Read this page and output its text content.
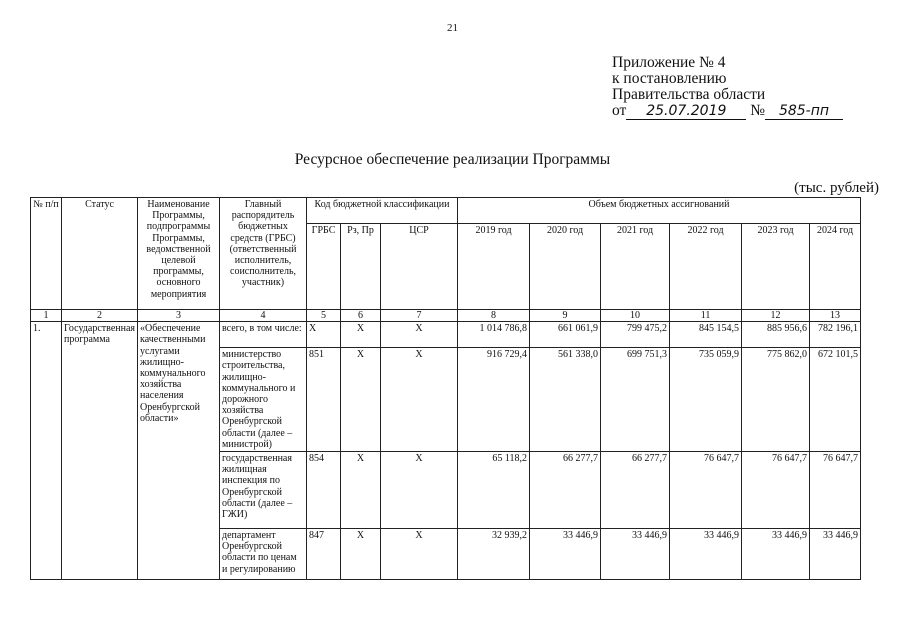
21
Приложение № 4
к постановлению
Правительства области
от 25.07.2019 № 585-пп
Ресурсное обеспечение реализации Программы
(тыс. рублей)
№ п/п	Статус	Наименование Программы, подпрограммы Программы, ведомственной целевой программы, основного мероприятия	Главный распорядитель бюджетных средств (ГРБС) (ответственный исполнитель, соисполнитель, участник)	Код бюджетной классификации			Объем бюджетных ассигнований					
				ГРБС	Рз, Пр	ЦСР	2019 год	2020 год	2021 год	2022 год	2023 год	2024 год
1	2	3	4	5	6	7	8	9	10	11	12	13
1.	Государственная программа	«Обеспечение качественными услугами жилищно-коммунального хозяйства населения Оренбургской области»	всего, в том числе:	Х	Х	Х	1 014 786,8	661 061,9	799 475,2	845 154,5	885 956,6	782 196,1
			министерство строительства, жилищно-коммунального и дорожного хозяйства Оренбургской области (далее – министрой)	851	Х	Х	916 729,4	561 338,0	699 751,3	735 059,9	775 862,0	672 101,5
			государственная жилищная инспекция по Оренбургской области (далее – ГЖИ)	854	Х	Х	65 118,2	66 277,7	66 277,7	76 647,7	76 647,7	76 647,7
			департамент Оренбургской области по ценам и регулированию	847	Х	Х	32 939,2	33 446,9	33 446,9	33 446,9	33 446,9	33 446,9
